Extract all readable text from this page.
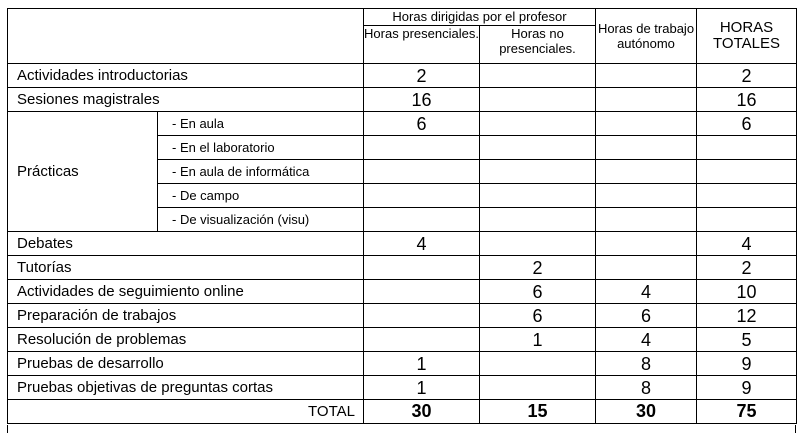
		Horas dirigidas por el profesor		Horas de trabajo autónomo	HORAS TOTALES
		Horas presenciales.	Horas no presenciales.		
Actividades introductorias		2			2
Sesiones magistrales		16			16
Prácticas	- En aula	6			6
	- En el laboratorio				
	- En aula de informática				
	- De campo				
	- De visualización (visu)				
Debates		4			4
Tutorías			2		2
Actividades de seguimiento online			6	4	10
Preparación de trabajos			6	6	12
Resolución de problemas			1	4	5
Pruebas de desarrollo		1		8	9
Pruebas objetivas de preguntas cortas		1		8	9
TOTAL		30	15	30	75
